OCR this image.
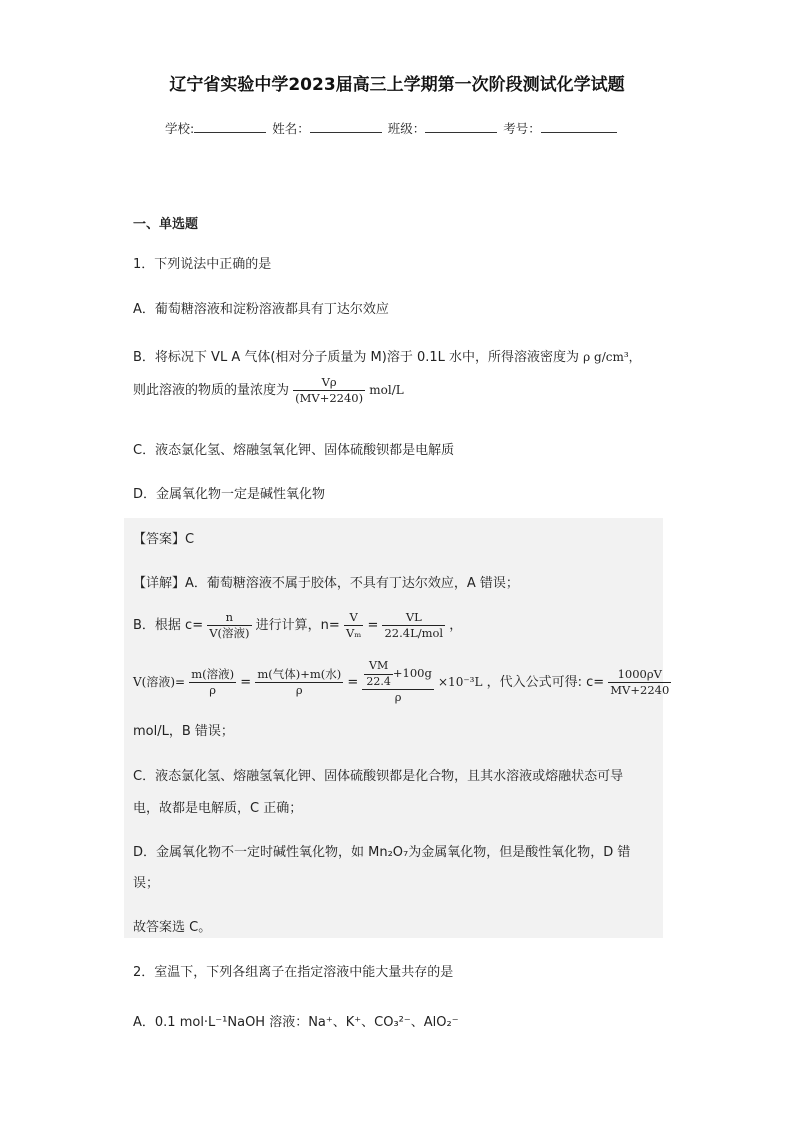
辽宁省实验中学2023届高三上学期第一次阶段测试化学试题
学校:	姓名：	班级：	考号：
一、单选题
1．下列说法中正确的是
A．葡萄糖溶液和淀粉溶液都具有丁达尔效应
B．将标况下 VL A 气体(相对分子质量为 M)溶于 0.1L 水中，所得溶液密度为 ρ g/cm³，
则此溶液的物质的量浓度为 $\frac{V\rho}{(MV+2240)} mol/L$
C．液态氯化氢、熔融氢氧化钾、固体硫酸钡都是电解质
D．金属氧化物一定是碱性氧化物
【答案】C
【详解】A．葡萄糖溶液不属于胶体，不具有丁达尔效应，A 错误；
B．根据 $c= \frac{n}{\text{V(溶液)}}$ 进行计算，$n= \frac{V}{\text{Vₘ}} = \frac{VL}{\text{22.4L/mol}}$ ，
V(溶液)= $\frac{\text{m(溶液)}}{\rho} = \frac{\text{m(气体)+m(水)}}{\rho} = \frac{\frac{VM}{22.4} +100g}{\rho} \times 10^{-3}L$ ，代入公式可得: $c= \frac{1000\rho V}{MV+2240}$
mol/L，B 错误；
C．液态氯化氢、熔融氢氧化钾、固体硫酸钡都是化合物，且其水溶液或熔融状态可导
电，故都是电解质，C 正确；
D．金属氧化物不一定时碱性氧化物，如 Mn₂O₇为金属氧化物，但是酸性氧化物，D 错
误；
故答案选 C。
2．室温下，下列各组离子在指定溶液中能大量共存的是
A．0.1 mol·L⁻¹NaOH 溶液：Na⁺、K⁺、CO₃²⁻、AlO₂⁻
